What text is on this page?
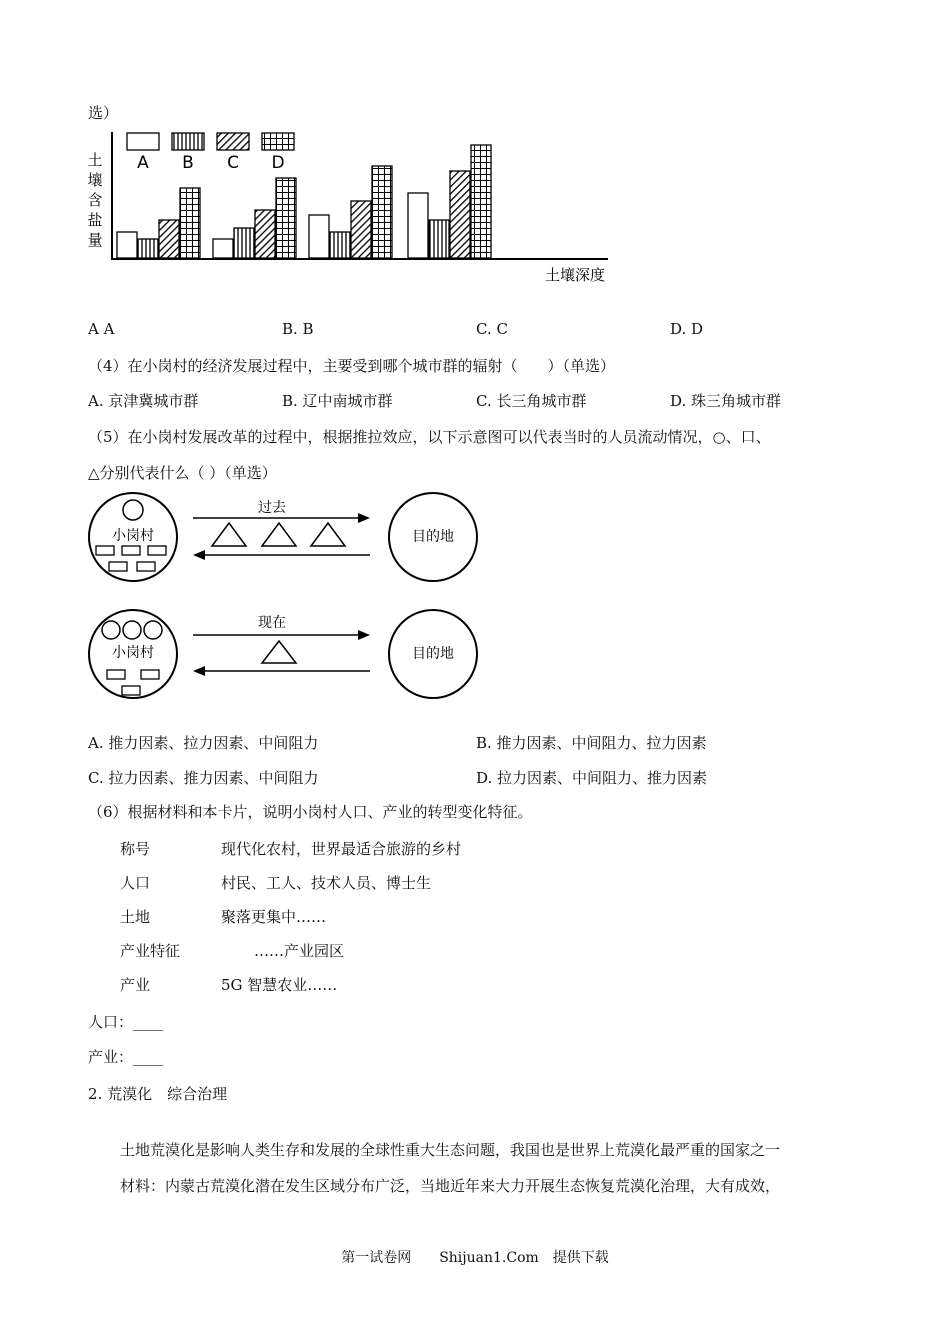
选）
土
壤
含
盐
量
土壤深度
A B C D
A A	B. B	C. C	D. D
（4）在小岗村的经济发展过程中，主要受到哪个城市群的辐射（　　）（单选）
A. 京津冀城市群	B. 辽中南城市群	C. 长三角城市群	D. 珠三角城市群
（5）在小岗村发展改革的过程中，根据推拉效应，以下示意图可以代表当时的人员流动情况，○、口、
△分别代表什么（ ）（单选）
小岗村
过去
目的地
小岗村
现在
目的地
A. 推力因素、拉力因素、中间阻力	B. 推力因素、中间阻力、拉力因素
C. 拉力因素、推力因素、中间阻力	D. 拉力因素、中间阻力、推力因素
（6）根据材料和本卡片，说明小岗村人口、产业的转型变化特征。
称号	现代化农村，世界最适合旅游的乡村
人口	村民、工人、技术人员、博士生
土地	聚落更集中……
产业特征	……产业园区
产业	5G 智慧农业……
人口：____
产业：____
2. 荒漠化　综合治理
土地荒漠化是影响人类生存和发展的全球性重大生态问题，我国也是世界上荒漠化最严重的国家之一
材料：内蒙古荒漠化潜在发生区域分布广泛，当地近年来大力开展生态恢复荒漠化治理，大有成效，
第一试卷网　　Shijuan1.Com　提供下载
